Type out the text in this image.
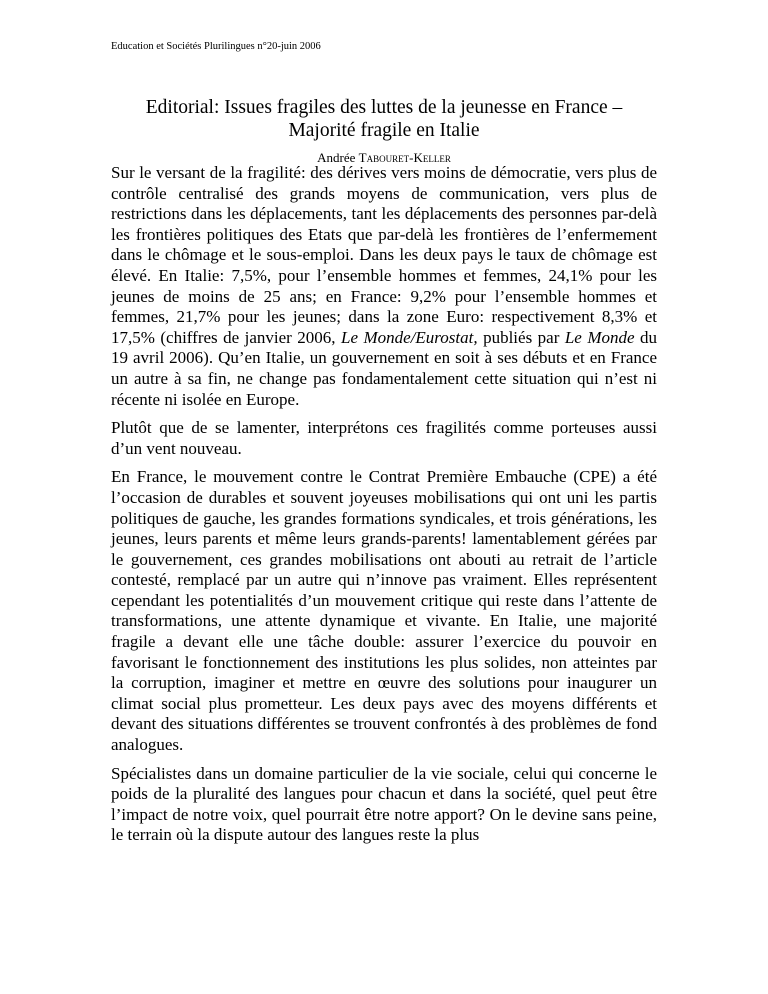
Education et Sociétés Plurilingues n°20-juin 2006
Editorial: Issues fragiles des luttes de la jeunesse en France – Majorité fragile en Italie
Andrée Tabouret-Keller

Sur le versant de la fragilité: des dérives vers moins de démocratie, vers plus de contrôle centralisé des grands moyens de communication, vers plus de restrictions dans les déplacements, tant les déplacements des personnes par-delà les frontières politiques des Etats que par-delà les frontières de l’enfermement dans le chômage et le sous-emploi. Dans les deux pays le taux de chômage est élevé. En Italie: 7,5%, pour l’ensemble hommes et femmes, 24,1% pour les jeunes de moins de 25 ans; en France: 9,2% pour l’ensemble hommes et femmes, 21,7% pour les jeunes; dans la zone Euro: respectivement 8,3% et 17,5% (chiffres de janvier 2006, Le Monde/Eurostat, publiés par Le Monde du 19 avril 2006). Qu’en Italie, un gouvernement en soit à ses débuts et en France un autre à sa fin, ne change pas fondamentalement cette situation qui n’est ni récente ni isolée en Europe.

Plutôt que de se lamenter, interprétons ces fragilités comme porteuses aussi d’un vent nouveau.

En France, le mouvement contre le Contrat Première Embauche (CPE) a été l’occasion de durables et souvent joyeuses mobilisations qui ont uni les partis politiques de gauche, les grandes formations syndicales, et trois générations, les jeunes, leurs parents et même leurs grands-parents! lamentablement gérées par le gouvernement, ces grandes mobilisations ont abouti au retrait de l’article contesté, remplacé par un autre qui n’innove pas vraiment. Elles représentent cependant les potentialités d’un mouvement critique qui reste dans l’attente de transformations, une attente dynamique et vivante. En Italie, une majorité fragile a devant elle une tâche double: assurer l’exercice du pouvoir en favorisant le fonctionnement des institutions les plus solides, non atteintes par la corruption, imaginer et mettre en œuvre des solutions pour inaugurer un climat social plus prometteur. Les deux pays avec des moyens différents et devant des situations différentes se trouvent confrontés à des problèmes de fond analogues.

Spécialistes dans un domaine particulier de la vie sociale, celui qui concerne le poids de la pluralité des langues pour chacun et dans la société, quel peut être l’impact de notre voix, quel pourrait être notre apport? On le devine sans peine, le terrain où la dispute autour des langues reste la plus
